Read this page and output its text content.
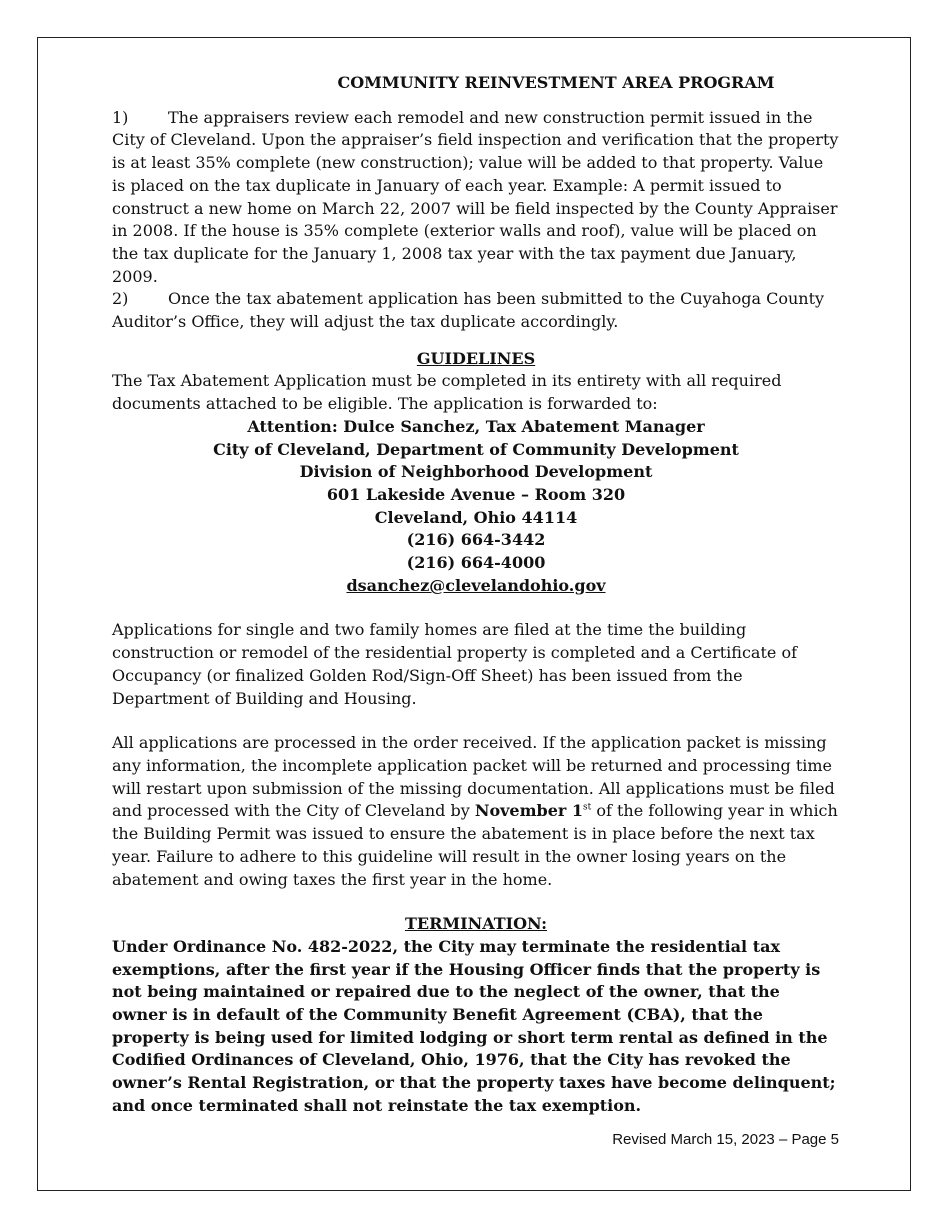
COMMUNITY REINVESTMENT AREA PROGRAM

1) The appraisers review each remodel and new construction permit issued in the City of Cleveland. Upon the appraiser’s field inspection and verification that the property is at least 35% complete (new construction); value will be added to that property. Value is placed on the tax duplicate in January of each year. Example: A permit issued to construct a new home on March 22, 2007 will be field inspected by the County Appraiser in 2008. If the house is 35% complete (exterior walls and roof), value will be placed on the tax duplicate for the January 1, 2008 tax year with the tax payment due January, 2009.

2) Once the tax abatement application has been submitted to the Cuyahoga County Auditor’s Office, they will adjust the tax duplicate accordingly.

GUIDELINES

The Tax Abatement Application must be completed in its entirety with all required documents attached to be eligible. The application is forwarded to:

Attention: Dulce Sanchez, Tax Abatement Manager

City of Cleveland, Department of Community Development

Division of Neighborhood Development

601 Lakeside Avenue – Room 320

Cleveland, Ohio 44114

(216) 664-3442

(216) 664-4000

dsanchez@clevelandohio.gov

Applications for single and two family homes are filed at the time the building construction or remodel of the residential property is completed and a Certificate of Occupancy (or finalized Golden Rod/Sign-Off Sheet) has been issued from the Department of Building and Housing.

All applications are processed in the order received. If the application packet is missing any information, the incomplete application packet will be returned and processing time will restart upon submission of the missing documentation. All applications must be filed and processed with the City of Cleveland by November 1st of the following year in which the Building Permit was issued to ensure the abatement is in place before the next tax year. Failure to adhere to this guideline will result in the owner losing years on the abatement and owing taxes the first year in the home.

TERMINATION:

Under Ordinance No. 482-2022, the City may terminate the residential tax exemptions, after the first year if the Housing Officer finds that the property is not being maintained or repaired due to the neglect of the owner, that the owner is in default of the Community Benefit Agreement (CBA), that the property is being used for limited lodging or short term rental as defined in the Codified Ordinances of Cleveland, Ohio, 1976, that the City has revoked the owner’s Rental Registration, or that the property taxes have become delinquent; and once terminated shall not reinstate the tax exemption.

Revised March 15, 2023 – Page 5
